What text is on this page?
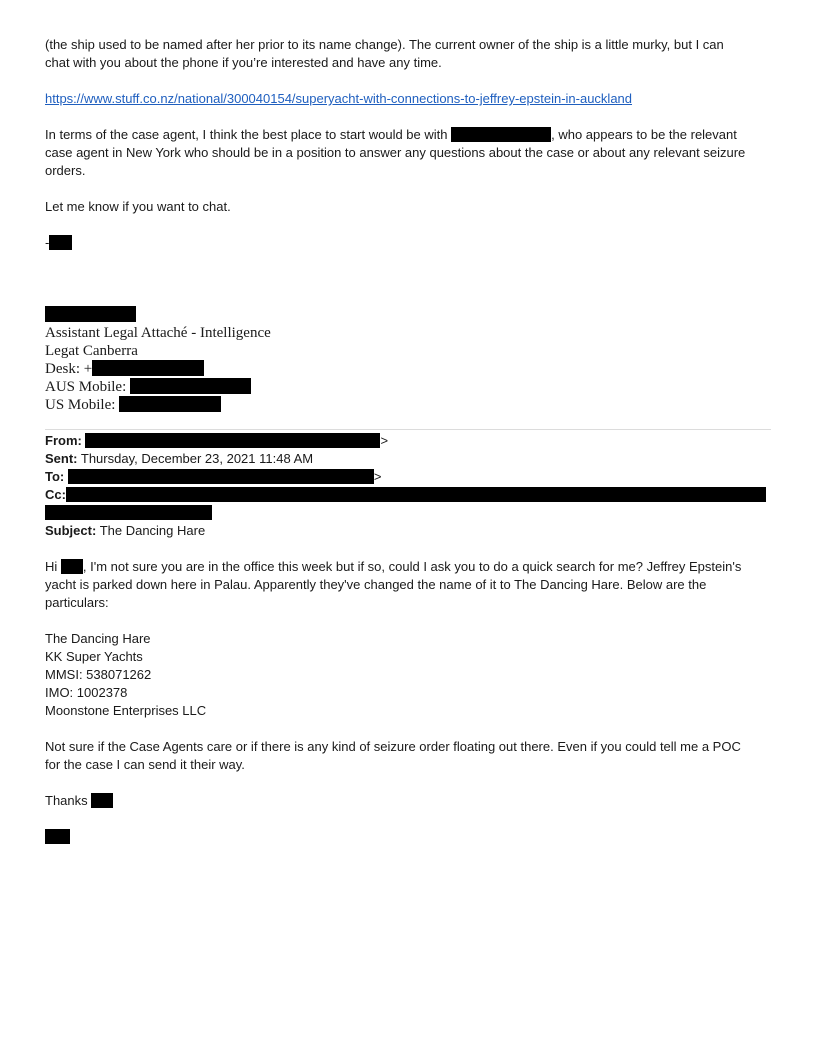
(the ship used to be named after her prior to its name change). The current owner of the ship is a little murky, but I can

chat with you about the phone if you’re interested and have any time.

https://www.stuff.co.nz/national/300040154/superyacht-with-connections-to-jeffrey-epstein-in-auckland

In terms of the case agent, I think the best place to start would be with	, who appears to be the relevant

case agent in New York who should be in a position to answer any questions about the case or about any relevant seizure

orders.

Let me know if you want to chat.

-

Assistant Legal Attaché - Intelligence

Legat Canberra

Desk: +

AUS Mobile:

US Mobile:

From:	>

Sent: Thursday, December 23, 2021 11:48 AM

To:	>

Cc:

Subject: The Dancing Hare

Hi , I'm not sure you are in the office this week but if so, could I ask you to do a quick search for me? Jeffrey Epstein's

yacht is parked down here in Palau. Apparently they've changed the name of it to The Dancing Hare. Below are the

particulars:

The Dancing Hare

KK Super Yachts

MMSI: 538071262

IMO: 1002378

Moonstone Enterprises LLC

Not sure if the Case Agents care or if there is any kind of seizure order floating out there. Even if you could tell me a POC

for the case I can send it their way.

Thanks
